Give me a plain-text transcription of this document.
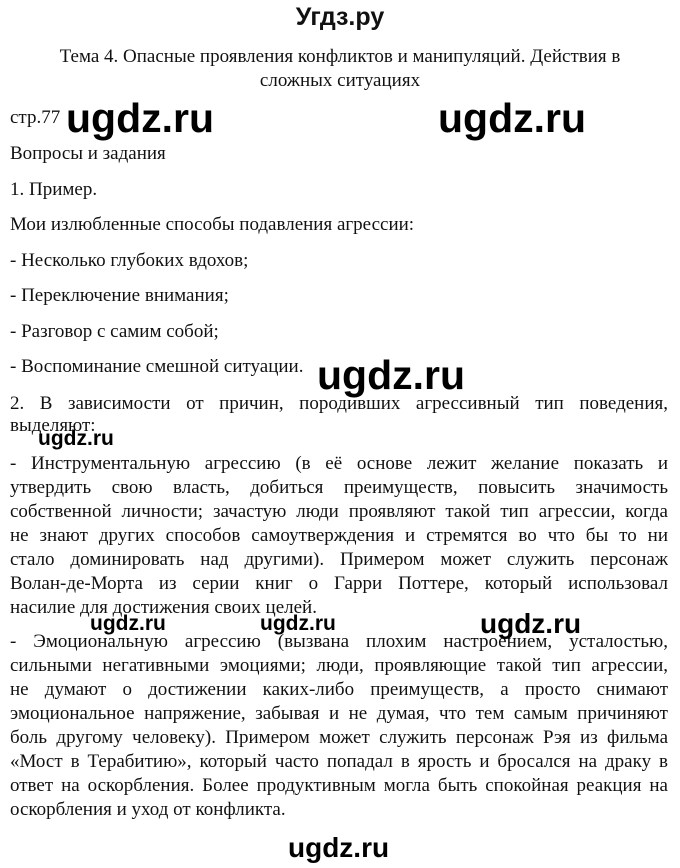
Угдз.ру
Тема 4. Опасные проявления конфликтов и манипуляций. Действия в сложных ситуациях
стр.77
Вопросы и задания
1. Пример.
Мои излюбленные способы подавления агрессии:
- Несколько глубоких вдохов;
- Переключение внимания;
- Разговор с самим собой;
- Воспоминание смешной ситуации.
2. В зависимости от причин, породивших агрессивный тип поведения,
выделяют:
- Инструментальную агрессию (в её основе лежит желание показать и
утвердить свою власть, добиться преимуществ, повысить значимость
собственной личности; зачастую люди проявляют такой тип агрессии, когда
не знают других способов самоутверждения и стремятся во что бы то ни
стало доминировать над другими). Примером может служить персонаж
Волан-де-Морта из серии книг о Гарри Поттере, который использовал
насилие для достижения своих целей.
- Эмоциональную агрессию (вызвана плохим настроением, усталостью,
сильными негативными эмоциями; люди, проявляющие такой тип агрессии,
не думают о достижении каких-либо преимуществ, а просто снимают
эмоциональное напряжение, забывая и не думая, что тем самым причиняют
боль другому человеку). Примером может служить персонаж Рэя из фильма
«Мост в Терабитию», который часто попадал в ярость и бросался на драку в
ответ на оскорбления. Более продуктивным могла быть спокойная реакция на
оскорбления и уход от конфликта.
ugdz.ru	ugdz.ru
ugdz.ru
ugdz.ru
ugdz.ru	ugdz.ru	ugdz.ru
ugdz.ru
